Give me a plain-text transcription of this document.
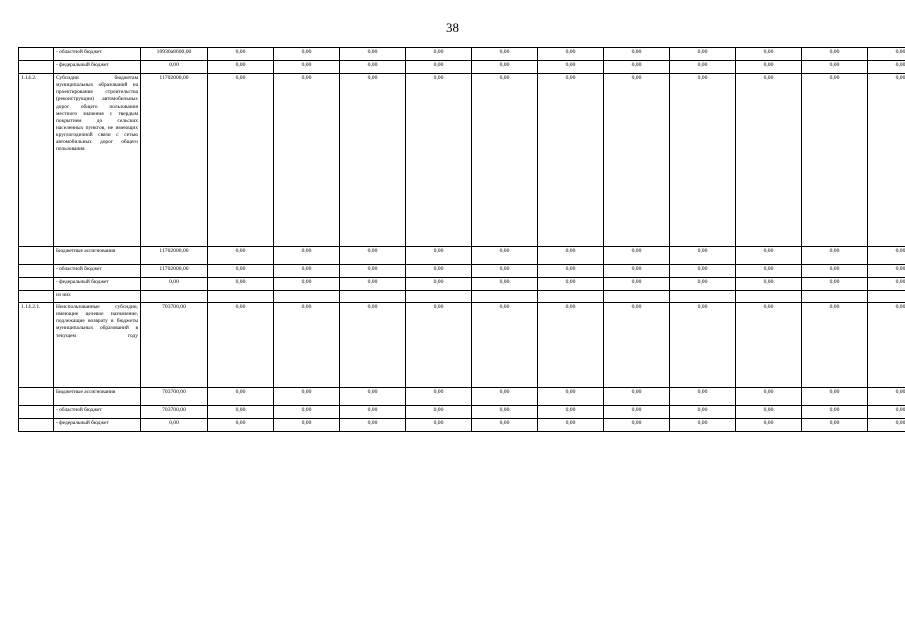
38
	- областной бюджет	10930а8600,00	0,00	0,00	0,00	0,00	0,00	0,00	0,00	0,00	0,00	0,00	0,00
	- федеральный бюджет	0,00	0,00	0,00	0,00	0,00	0,00	0,00	0,00	0,00	0,00	0,00	0,00
1.14.2.	Субсидии бюджетам муниципальных образований на проектирование строительства (реконструкции) автомобильных дорог общего пользования местного значения с твердым покрытием до сельских населенных пунктов, не имеющих круглогодичной связи с сетью автомобильных дорог общего пользования	11702000,00	0,00	0,00	0,00	0,00	0,00	0,00	0,00	0,00	0,00	0,00	0,00
	Бюджетные ассигнования	11702000,00	0,00	0,00	0,00	0,00	0,00	0,00	0,00	0,00	0,00	0,00	0,00
	- областной бюджет	11702000,00	0,00	0,00	0,00	0,00	0,00	0,00	0,00	0,00	0,00	0,00	0,00
	- федеральный бюджет	0,00	0,00	0,00	0,00	0,00	0,00	0,00	0,00	0,00	0,00	0,00	0,00
	из них												
1.14.2.1.	Неиспользованные субсидии, имеющие целевое назначение, подлежащие возврату в бюджеты муниципальных образований в текущем году	703700,00	0,00	0,00	0,00	0,00	0,00	0,00	0,00	0,00	0,00	0,00	0,00
	Бюджетные ассигнования	703700,00	0,00	0,00	0,00	0,00	0,00	0,00	0,00	0,00	0,00	0,00	0,00
	- областной бюджет	703700,00	0,00	0,00	0,00	0,00	0,00	0,00	0,00	0,00	0,00	0,00	0,00
	- федеральный бюджет	0,00	0,00	0,00	0,00	0,00	0,00	0,00	0,00	0,00	0,00	0,00	0,00
